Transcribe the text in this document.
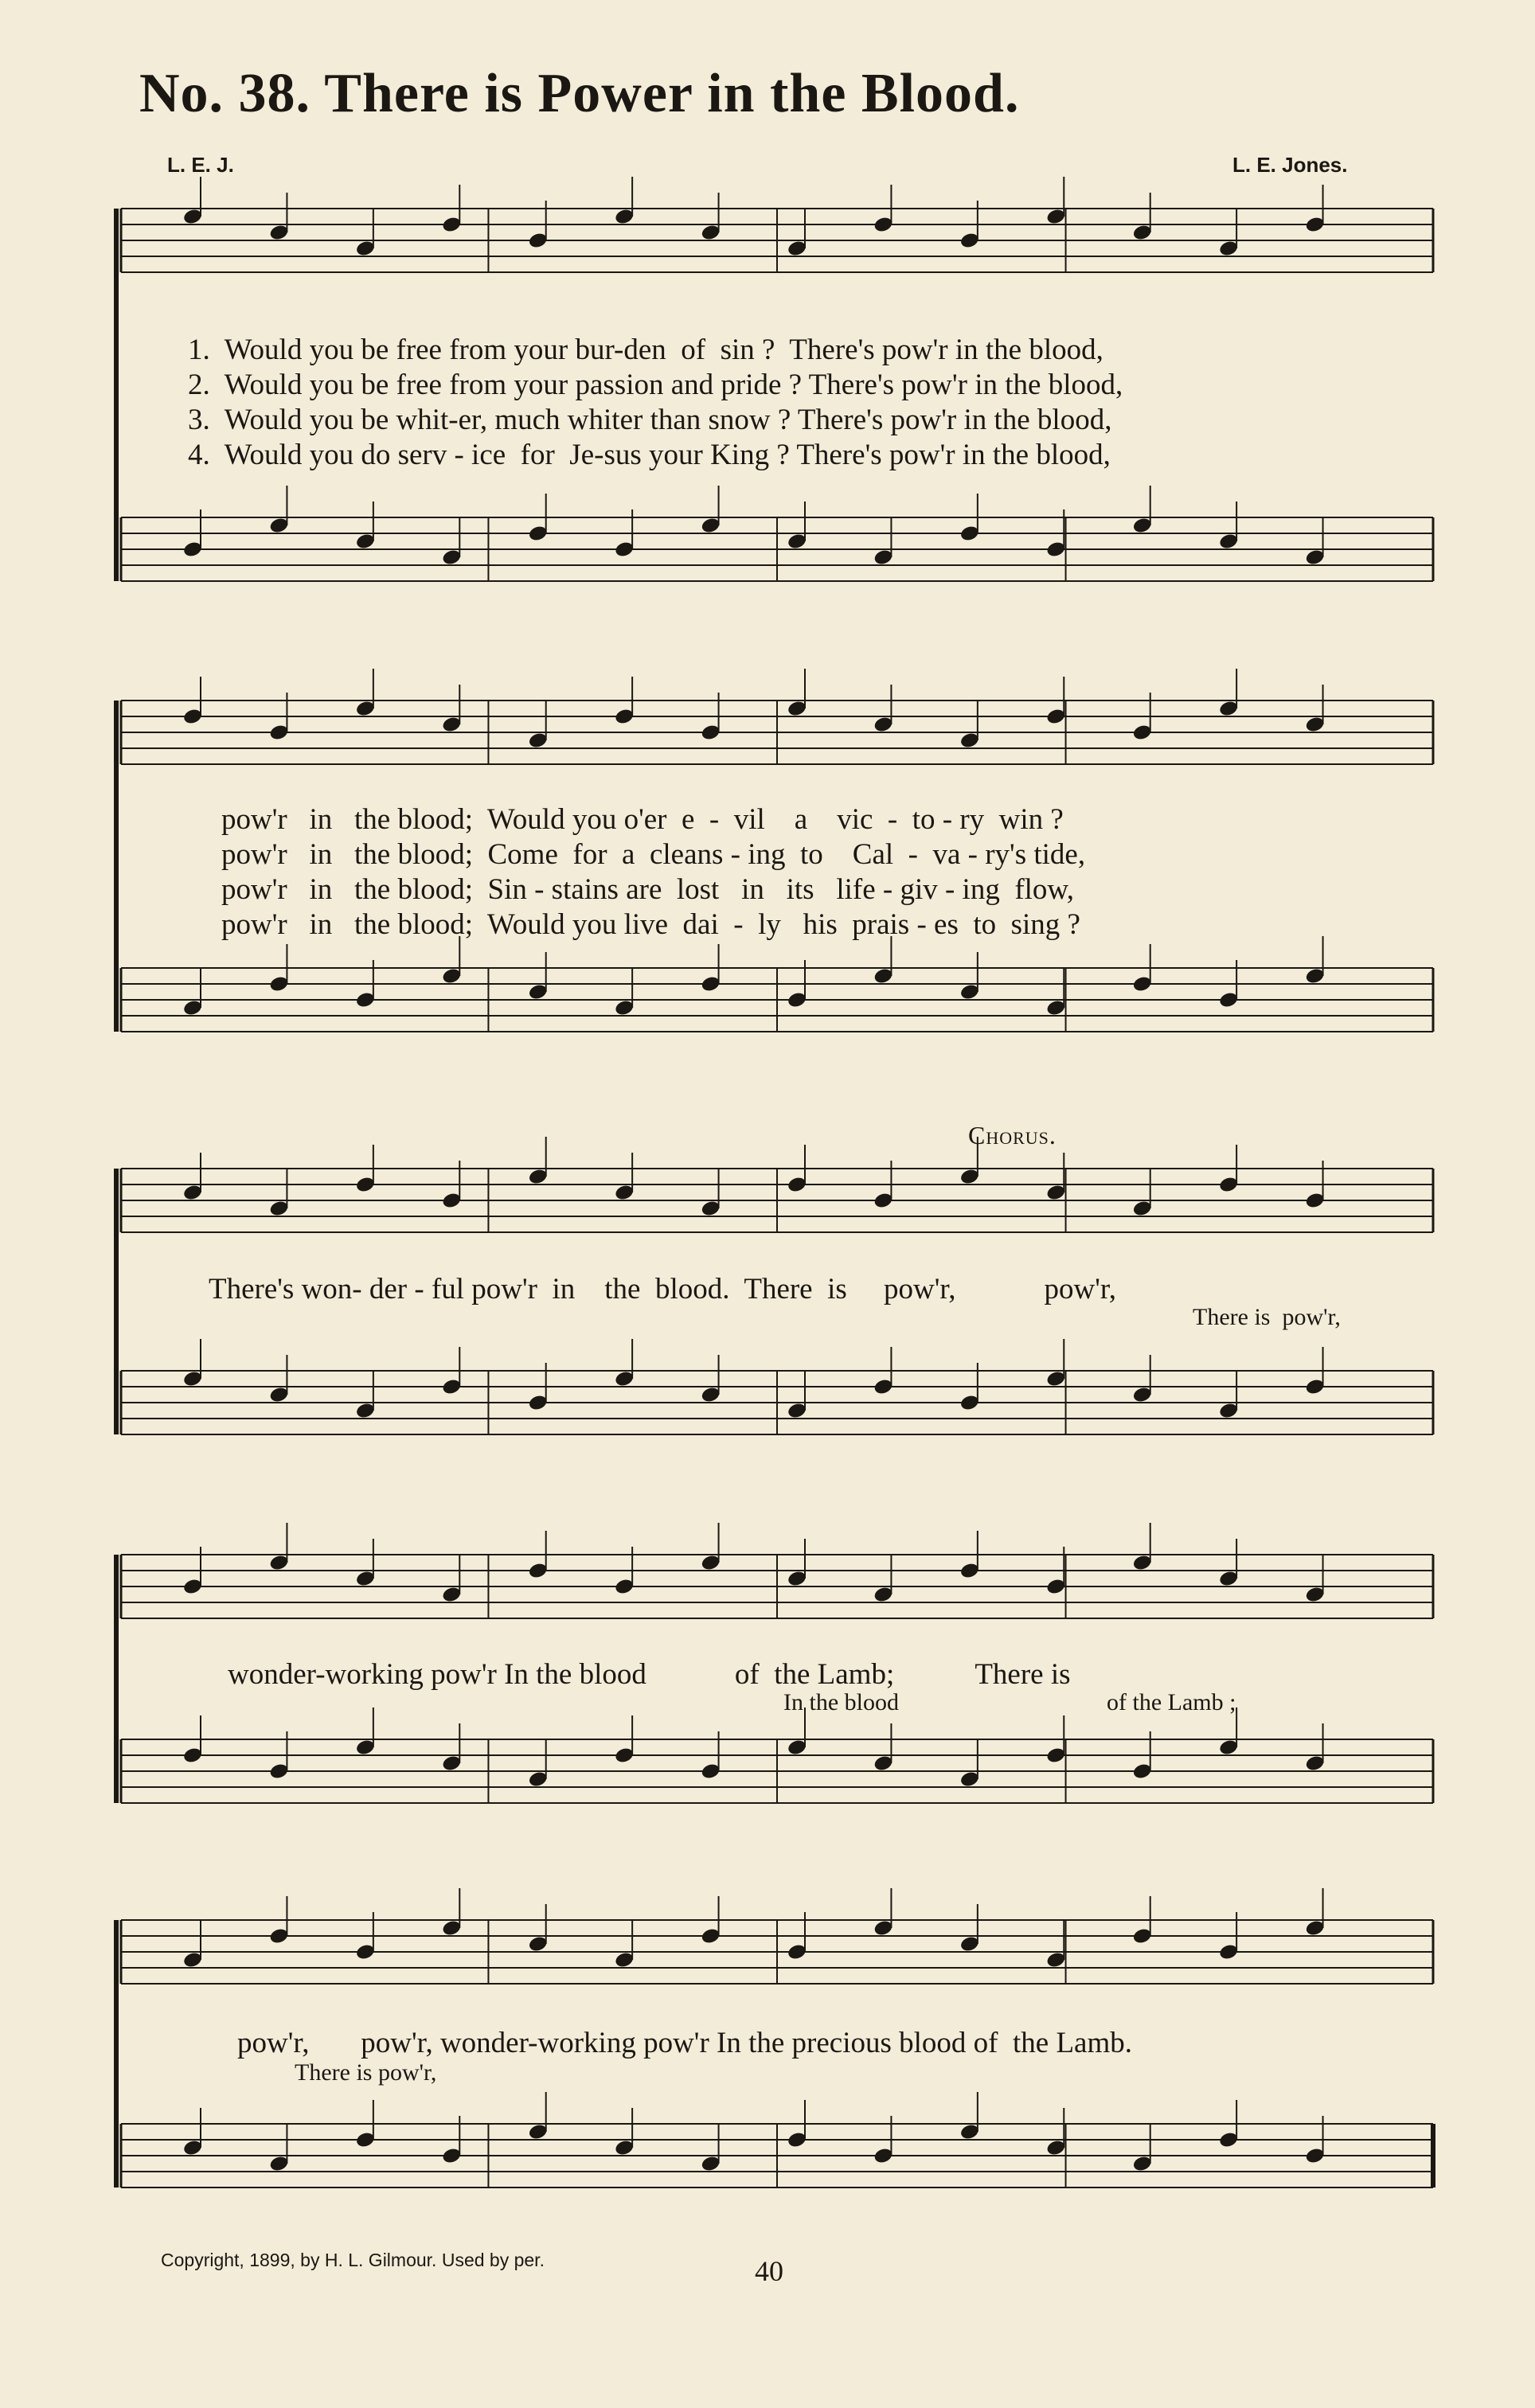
No. 38. There is Power in the Blood.
L. E. J.	L. E. Jones.
1.  Would you be free from your bur-den  of  sin ?  There's pow'r in the blood,
2.  Would you be free from your passion and pride ? There's pow'r in the blood,
3.  Would you be whit-er, much whiter than snow ? There's pow'r in the blood,
4.  Would you do serv - ice  for  Je-sus your King ? There's pow'r in the blood,
pow'r   in   the blood;  Would you o'er  e  -  vil    a    vic  -  to - ry  win ?
pow'r   in   the blood;  Come  for  a  cleans - ing  to    Cal  -  va - ry's tide,
pow'r   in   the blood;  Sin - stains are  lost   in   its   life - giv - ing  flow,
pow'r   in   the blood;  Would you live  dai  -  ly   his  prais - es  to  sing ?
Chorus.
There's won- der - ful pow'r  in    the  blood.  There  is     pow'r,            pow'r,
There is  pow'r,
wonder-working pow'r In the blood            of  the Lamb;           There is
In the blood	of the Lamb ;
pow'r,       pow'r, wonder-working pow'r In the precious blood of  the Lamb.
There is pow'r,
Copyright, 1899, by H. L. Gilmour. Used by per.	40
